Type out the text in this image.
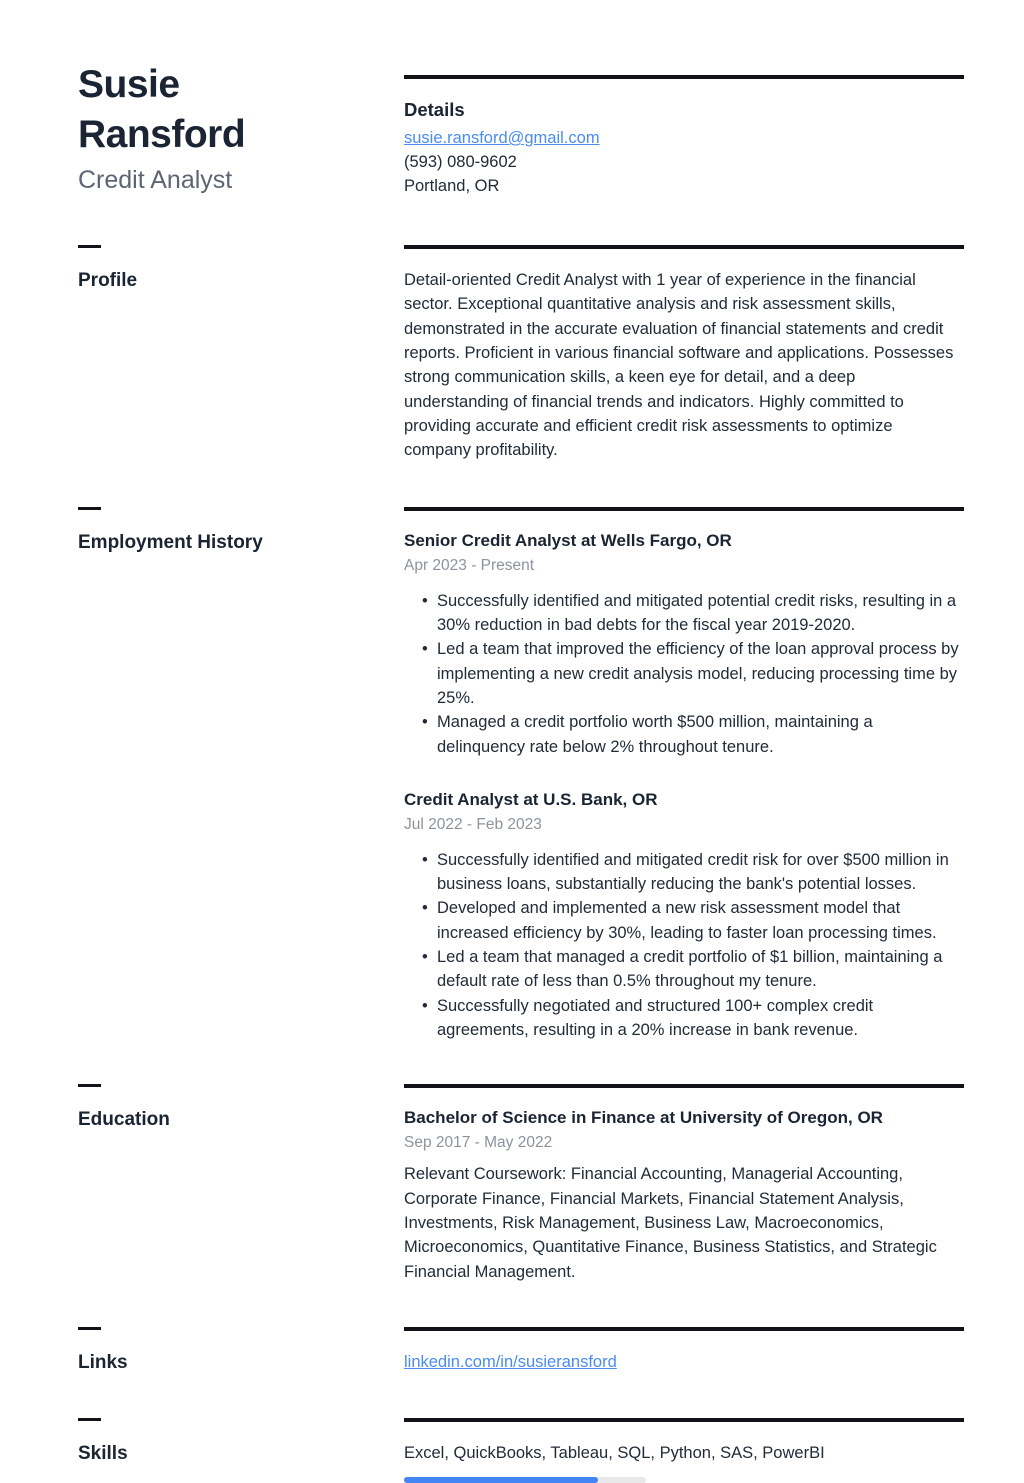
Susie Ransford
Credit Analyst
Details
susie.ransford@gmail.com
(593) 080-9602
Portland, OR
Profile	Detail-oriented Credit Analyst with 1 year of experience in the financial sector. Exceptional quantitative analysis and risk assessment skills, demonstrated in the accurate evaluation of financial statements and credit reports. Proficient in various financial software and applications. Possesses strong communication skills, a keen eye for detail, and a deep understanding of financial trends and indicators. Highly committed to providing accurate and efficient credit risk assessments to optimize company profitability.
Employment History	Senior Credit Analyst at Wells Fargo, OR
Apr 2023 - Present
• Successfully identified and mitigated potential credit risks, resulting in a 30% reduction in bad debts for the fiscal year 2019-2020.
• Led a team that improved the efficiency of the loan approval process by implementing a new credit analysis model, reducing processing time by 25%.
• Managed a credit portfolio worth $500 million, maintaining a delinquency rate below 2% throughout tenure.
Credit Analyst at U.S. Bank, OR
Jul 2022 - Feb 2023
• Successfully identified and mitigated credit risk for over $500 million in business loans, substantially reducing the bank's potential losses.
• Developed and implemented a new risk assessment model that increased efficiency by 30%, leading to faster loan processing times.
• Led a team that managed a credit portfolio of $1 billion, maintaining a default rate of less than 0.5% throughout my tenure.
• Successfully negotiated and structured 100+ complex credit agreements, resulting in a 20% increase in bank revenue.
Education	Bachelor of Science in Finance at University of Oregon, OR
Sep 2017 - May 2022
Relevant Coursework: Financial Accounting, Managerial Accounting, Corporate Finance, Financial Markets, Financial Statement Analysis, Investments, Risk Management, Business Law, Macroeconomics, Microeconomics, Quantitative Finance, Business Statistics, and Strategic Financial Management.
Links	linkedin.com/in/susieransford
Skills	Excel, QuickBooks, Tableau, SQL, Python, SAS, PowerBI
